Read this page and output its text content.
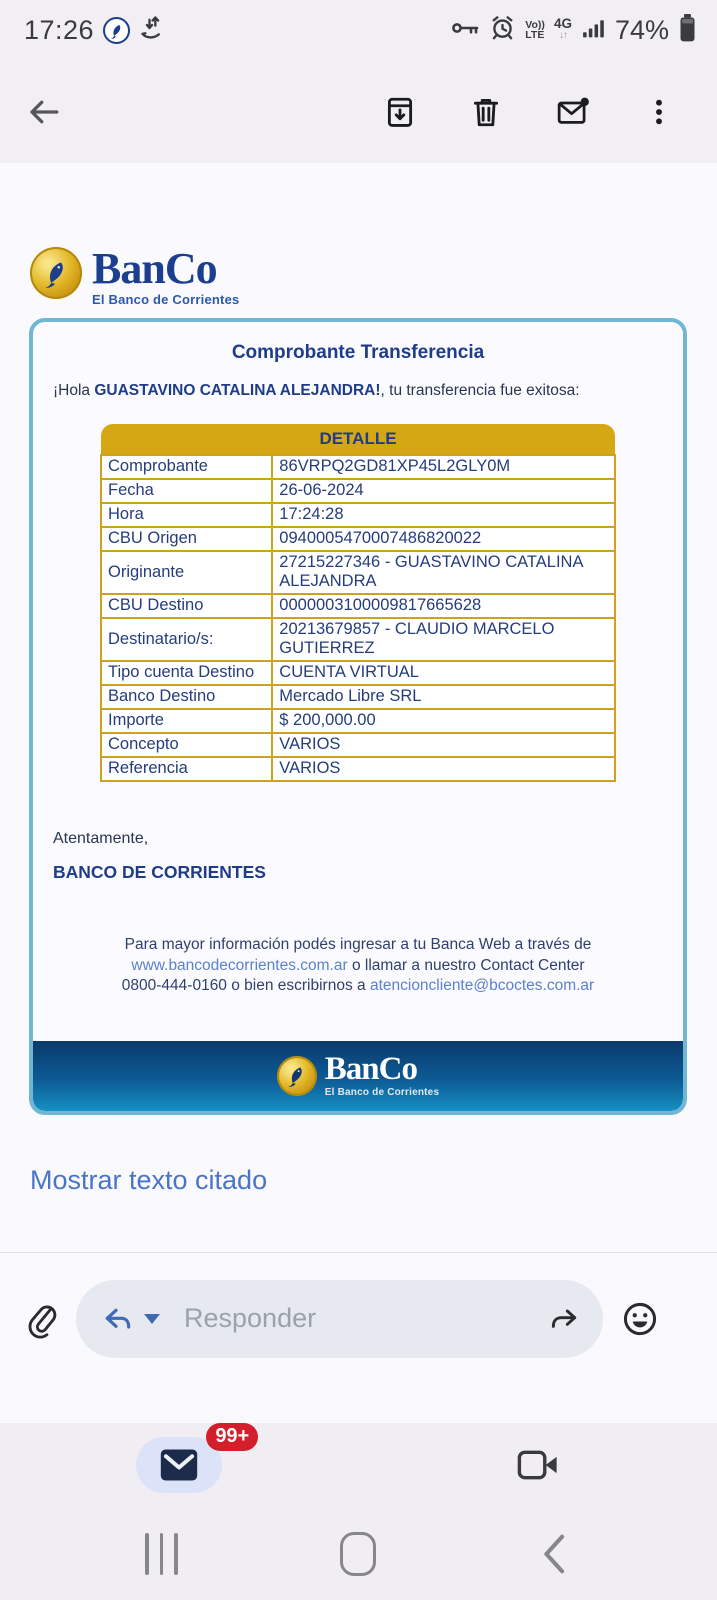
17:26	Vo))
LTE
4G
↓↑ 74%
BanCo
El Banco de Corrientes
Comprobante Transferencia
¡Hola GUASTAVINO CATALINA ALEJANDRA!, tu transferencia fue exitosa:
DETALLE	
Comprobante	86VRPQ2GD81XP45L2GLY0M
Fecha	26-06-2024
Hora	17:24:28
CBU Origen	0940005470007486820022
Originante	27215227346 - GUASTAVINO CATALINA ALEJANDRA
CBU Destino	0000003100009817665628
Destinatario/s:	20213679857 - CLAUDIO MARCELO GUTIERREZ
Tipo cuenta Destino	CUENTA VIRTUAL
Banco Destino	Mercado Libre SRL
Importe	$ 200,000.00
Concepto	VARIOS
Referencia	VARIOS
Atentamente,
BANCO DE CORRIENTES
Para mayor información podés ingresar a tu Banca Web a través de
www.bancodecorrientes.com.ar o llamar a nuestro Contact Center
0800-444-0160 o bien escribirnos a atencioncliente@bcoctes.com.ar
BanCo
El Banco de Corrientes
Mostrar texto citado
Responder
99+
